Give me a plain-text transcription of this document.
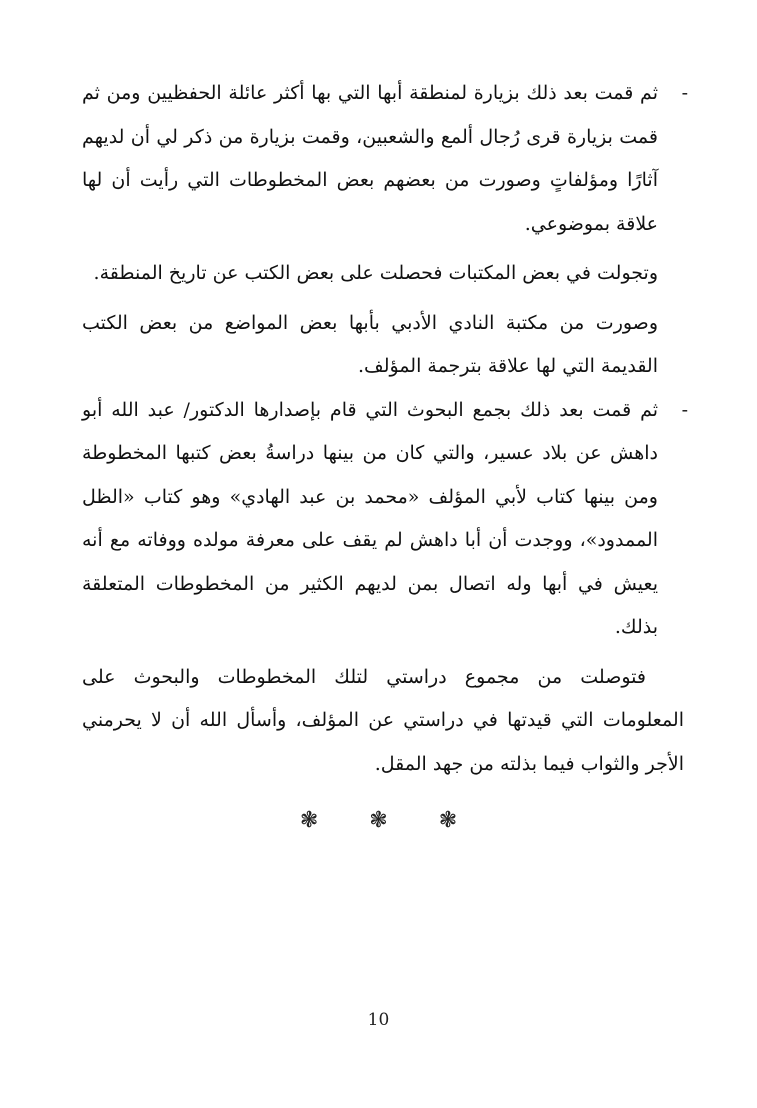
-
ثم قمت بعد ذلك بزيارة لمنطقة أبها التي بها أكثر عائلة الحفظيين ومن ثم قمت بزيارة قرى رُجال ألمع والشعبين، وقمت بزيارة من ذكر لي أن لديهم آثارًا ومؤلفاتٍ وصورت من بعضهم بعض المخطوطات التي رأيت أن لها علاقة بموضوعي.

وتجولت في بعض المكتبات فحصلت على بعض الكتب عن تاريخ المنطقة.

وصورت من مكتبة النادي الأدبي بأبها بعض المواضع من بعض الكتب القديمة التي لها علاقة بترجمة المؤلف.

-
ثم قمت بعد ذلك بجمع البحوث التي قام بإصدارها الدكتور/ عبد الله أبو داهش عن بلاد عسير، والتي كان من بينها دراسةُ بعض كتبها المخطوطة ومن بينها كتاب لأبي المؤلف «محمد بن عبد الهادي» وهو كتاب «الظل الممدود»، ووجدت أن أبا داهش لم يقف على معرفة مولده ووفاته مع أنه يعيش في أبها وله اتصال بمن لديهم الكثير من المخطوطات المتعلقة بذلك.

فتوصلت من مجموع دراستي لتلك المخطوطات والبحوث على المعلومات التي قيدتها في دراستي عن المؤلف، وأسأل الله أن لا يحرمني الأجر والثواب فيما بذلته من جهد المقل.

❃ ❃ ❃
10
